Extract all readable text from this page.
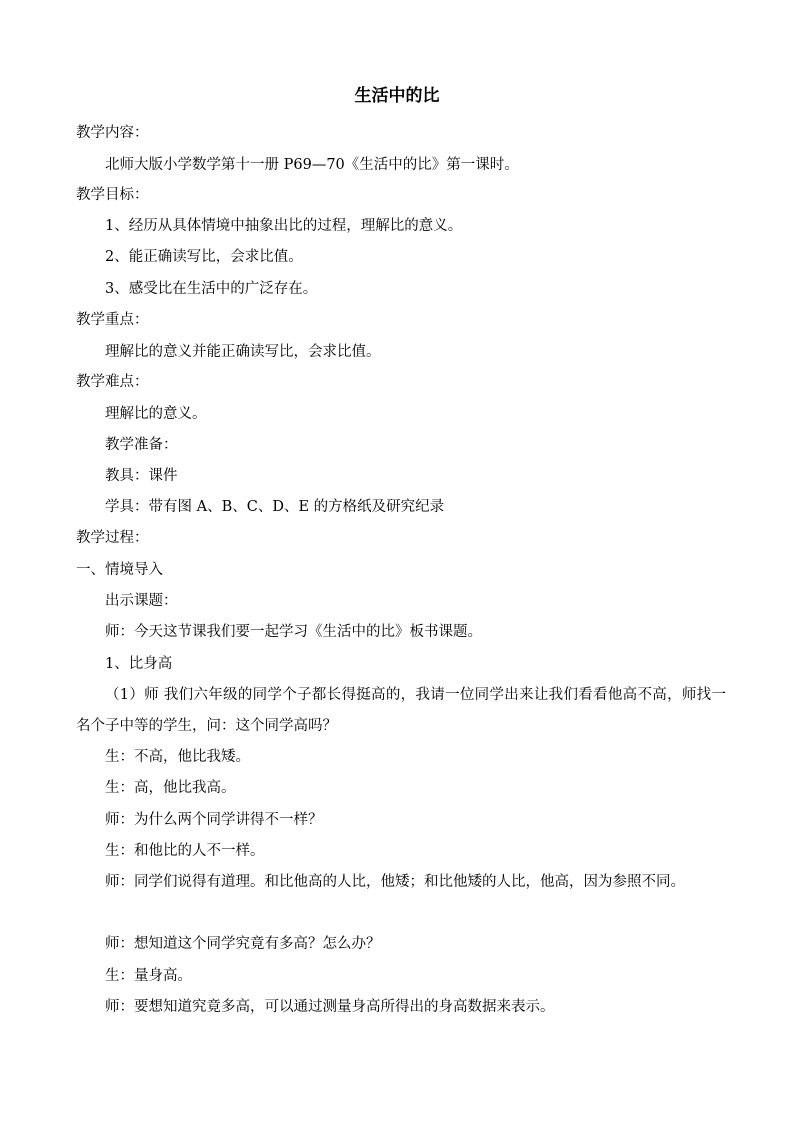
生活中的比
教学内容：
北师大版小学数学第十一册 P69—70《生活中的比》第一课时。
教学目标：
1、经历从具体情境中抽象出比的过程，理解比的意义。
2、能正确读写比，会求比值。
3、感受比在生活中的广泛存在。
教学重点：
理解比的意义并能正确读写比，会求比值。
教学难点：
理解比的意义。
教学准备：
教具：课件
学具：带有图 A、B、C、D、E 的方格纸及研究纪录
教学过程：
一、情境导入
出示课题：
师：今天这节课我们要一起学习《生活中的比》板书课题。
1、比身高
（1）师 我们六年级的同学个子都长得挺高的，我请一位同学出来让我们看看他高不高，师找一名个子中等的学生，问：这个同学高吗？
生：不高，他比我矮。
生：高，他比我高。
师：为什么两个同学讲得不一样？
生：和他比的人不一样。
师：同学们说得有道理。和比他高的人比，他矮；和比他矮的人比，他高，因为参照不同。
师：想知道这个同学究竟有多高？怎么办？
生：量身高。
师：要想知道究竟多高，可以通过测量身高所得出的身高数据来表示。
